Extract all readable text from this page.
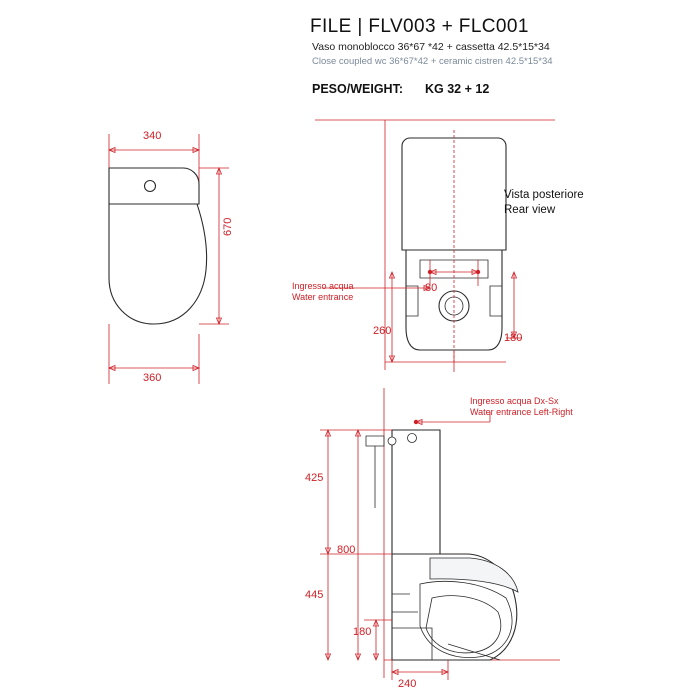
FILE | FLV003 + FLC001
Vaso monoblocco 36*67 *42 + cassetta 42.5*15*34
Close coupled wc 36*67*42 + ceramic cistren 42.5*15*34
PESO/WEIGHT: KG 32 + 12
340
670
360
80
260
180
Ingresso acqua
Water entrance
Vista posteriore
Rear view
Ingresso acqua Dx-Sx
Water entrance Left-Right
425
800
445
180
240
